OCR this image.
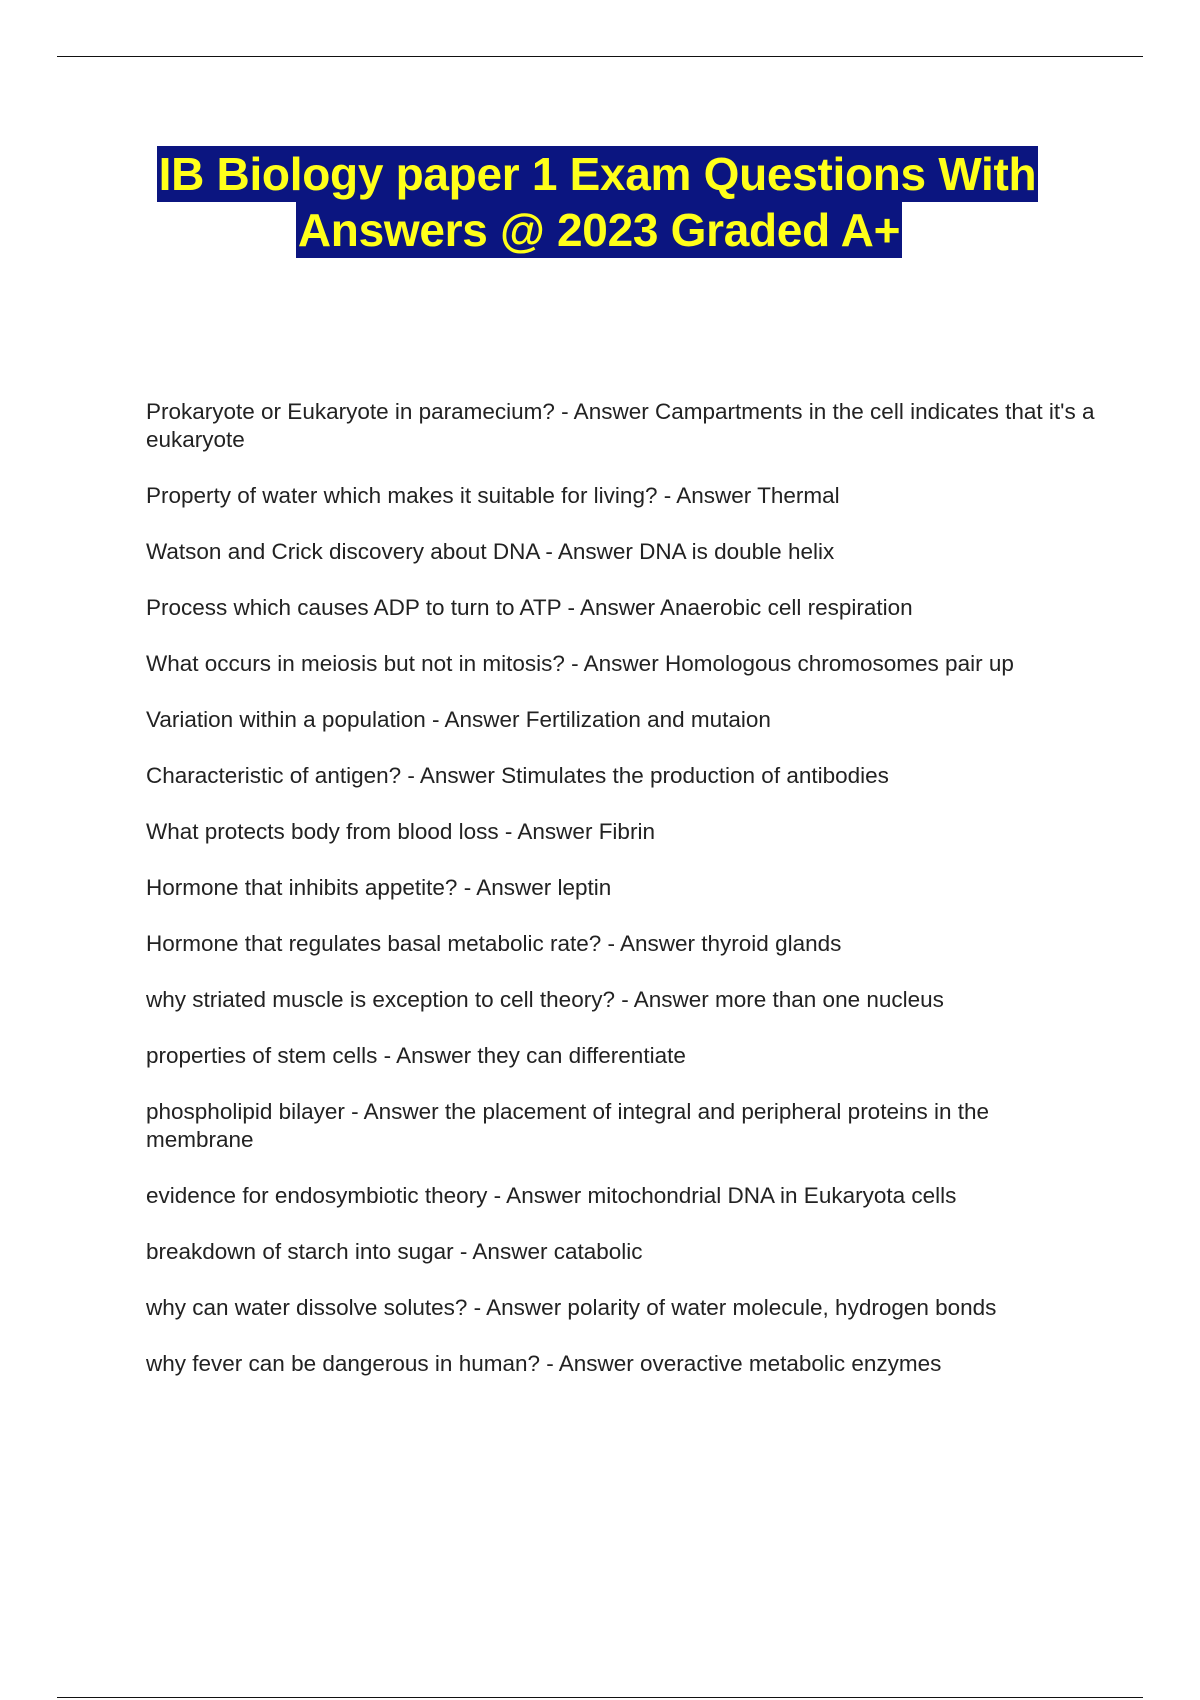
IB Biology paper 1 Exam Questions With
Answers @ 2023 Graded A+
Prokaryote or Eukaryote in paramecium? - Answer Campartments in the cell indicates that it's a eukaryote
Property of water which makes it suitable for living? - Answer Thermal
Watson and Crick discovery about DNA - Answer DNA is double helix
Process which causes ADP to turn to ATP - Answer Anaerobic cell respiration
What occurs in meiosis but not in mitosis? - Answer Homologous chromosomes pair up
Variation within a population - Answer Fertilization and mutaion
Characteristic of antigen? - Answer Stimulates the production of antibodies
What protects body from blood loss - Answer Fibrin
Hormone that inhibits appetite? - Answer leptin
Hormone that regulates basal metabolic rate? - Answer thyroid glands
why striated muscle is exception to cell theory? - Answer more than one nucleus
properties of stem cells - Answer they can differentiate
phospholipid bilayer - Answer the placement of integral and peripheral proteins in the membrane
evidence for endosymbiotic theory - Answer mitochondrial DNA in Eukaryota cells
breakdown of starch into sugar - Answer catabolic
why can water dissolve solutes? - Answer polarity of water molecule, hydrogen bonds
why fever can be dangerous in human? - Answer overactive metabolic enzymes
